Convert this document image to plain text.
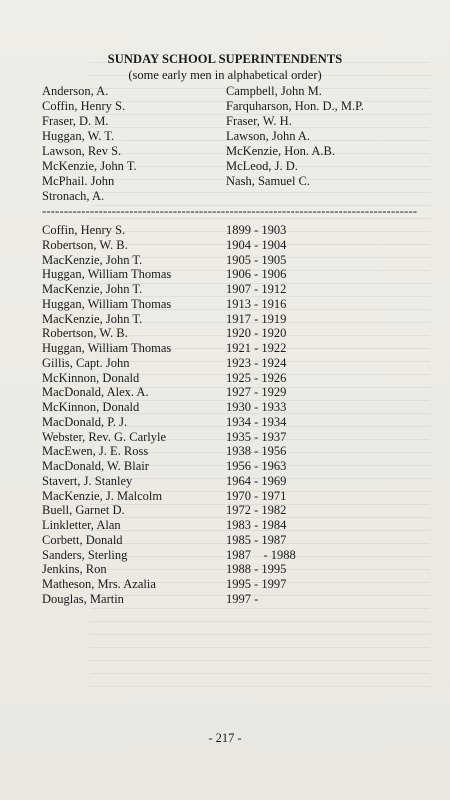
SUNDAY SCHOOL SUPERINTENDENTS
(some early men in alphabetical order)
Anderson, A.	Campbell, John M.
Coffin, Henry S.	Farquharson, Hon. D., M.P.
Fraser, D. M.	Fraser, W. H.
Huggan, W. T.	Lawson, John A.
Lawson, Rev S.	McKenzie, Hon. A.B.
McKenzie, John T.	McLeod, J. D.
McPhail. John	Nash, Samuel C.
Stronach, A.
--------------------------------------------------------------------------------------
Coffin, Henry S.	1899 - 1903
Robertson, W. B.	1904 - 1904
MacKenzie, John T.	1905 - 1905
Huggan, William Thomas	1906 - 1906
MacKenzie, John T.	1907 - 1912
Huggan, William Thomas	1913 - 1916
MacKenzie, John T.	1917 - 1919
Robertson, W. B.	1920 - 1920
Huggan, William Thomas	1921 - 1922
Gillis, Capt. John	1923 - 1924
McKinnon, Donald	1925 - 1926
MacDonald, Alex. A.	1927 - 1929
McKinnon, Donald	1930 - 1933
MacDonald, P. J.	1934 - 1934
Webster, Rev. G. Carlyle	1935 - 1937
MacEwen, J. E. Ross	1938 - 1956
MacDonald, W. Blair	1956 - 1963
Stavert, J. Stanley	1964 - 1969
MacKenzie, J. Malcolm	1970 - 1971
Buell, Garnet D.	1972 - 1982
Linkletter, Alan	1983 - 1984
Corbett, Donald	1985 - 1987
Sanders, Sterling	1987    - 1988
Jenkins, Ron	1988 - 1995
Matheson, Mrs. Azalia	1995 - 1997
Douglas, Martin	1997 -
- 217 -
